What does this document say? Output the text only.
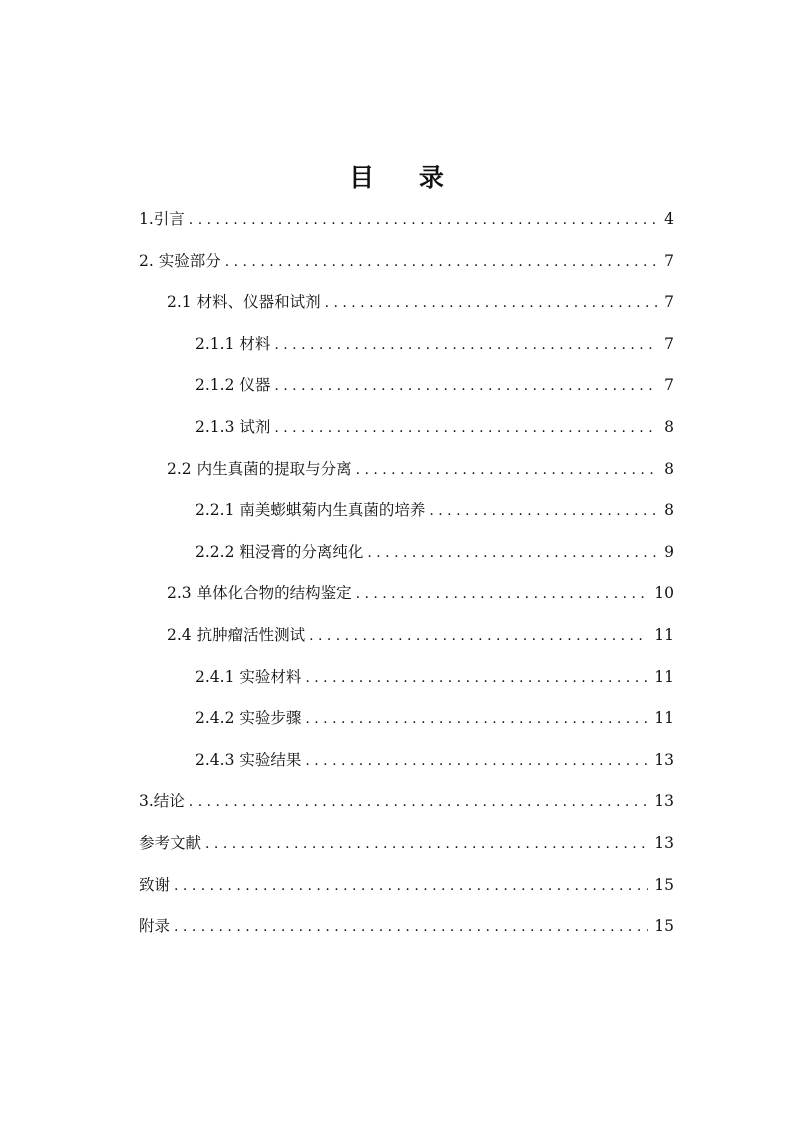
目 录
1.引言 . . .	4
2. 实验部分 . . .	7
2.1 材料、仪器和试剂 . . .	7
2.1.1 材料 . . .	7
2.1.2 仪器 . . .	7
2.1.3 试剂 . . .	8
2.2 内生真菌的提取与分离 . . .	8
2.2.1 南美蟛蜞菊内生真菌的培养 . . .	8
2.2.2 粗浸膏的分离纯化 . . .	9
2.3 单体化合物的结构鉴定 . . .	10
2.4 抗肿瘤活性测试 . . .	11
2.4.1 实验材料 . . .	11
2.4.2 实验步骤 . . .	11
2.4.3 实验结果 . . .	13
3.结论 . . .	13
参考文献 . . .	13
致谢 . . .	15
附录 . . .	15
